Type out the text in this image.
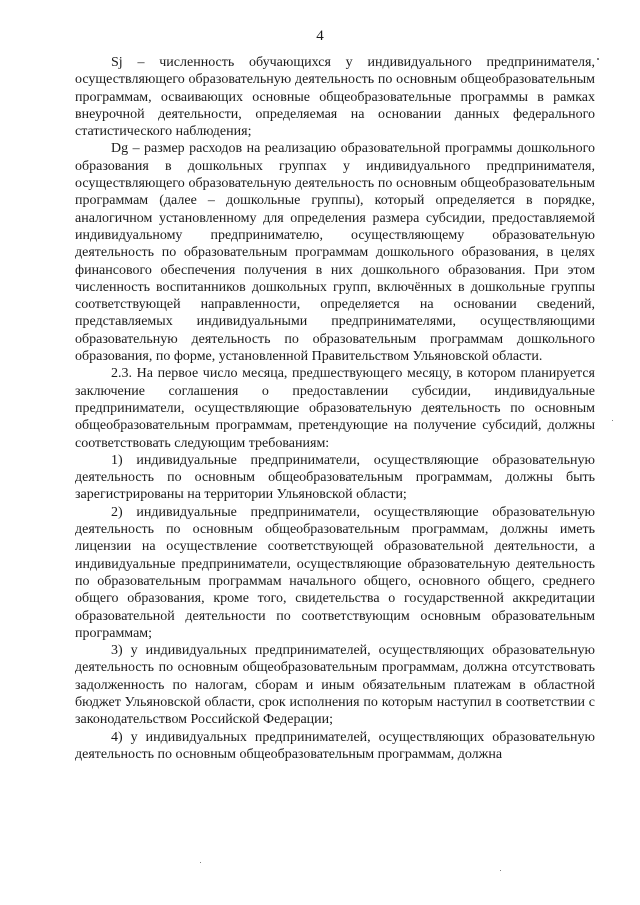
4

Sj – численность обучающихся у индивидуального предпринимателя, осуществляющего образовательную деятельность по основным общеобразовательным программам, осваивающих основные общеобразовательные программы в рамках внеурочной деятельности, определяемая на основании данных федерального статистического наблюдения;

Dg – размер расходов на реализацию образовательной программы дошкольного образования в дошкольных группах у индивидуального предпринимателя, осуществляющего образовательную деятельность по основным общеобразовательным программам (далее – дошкольные группы), который определяется в порядке, аналогичном установленному для определения размера субсидии, предоставляемой индивидуальному предпринимателю, осуществляющему образовательную деятельность по образовательным программам дошкольного образования, в целях финансового обеспечения получения в них дошкольного образования. При этом численность воспитанников дошкольных групп, включённых в дошкольные группы соответствующей направленности, определяется на основании сведений, представляемых индивидуальными предпринимателями, осуществляющими образовательную деятельность по образовательным программам дошкольного образования, по форме, установленной Правительством Ульяновской области.

2.3. На первое число месяца, предшествующего месяцу, в котором планируется заключение соглашения о предоставлении субсидии, индивидуальные предприниматели, осуществляющие образовательную деятельность по основным общеобразовательным программам, претендующие на получение субсидий, должны соответствовать следующим требованиям:

1) индивидуальные предприниматели, осуществляющие образовательную деятельность по основным общеобразовательным программам, должны быть зарегистрированы на территории Ульяновской области;

2) индивидуальные предприниматели, осуществляющие образовательную деятельность по основным общеобразовательным программам, должны иметь лицензии на осуществление соответствующей образовательной деятельности, а индивидуальные предприниматели, осуществляющие образовательную деятельность по образовательным программам начального общего, основного общего, среднего общего образования, кроме того, свидетельства о государственной аккредитации образовательной деятельности по соответствующим основным образовательным программам;

3) у индивидуальных предпринимателей, осуществляющих образовательную деятельность по основным общеобразовательным программам, должна отсутствовать задолженность по налогам, сборам и иным обязательным платежам в областной бюджет Ульяновской области, срок исполнения по которым наступил в соответствии с законодательством Российской Федерации;

4) у индивидуальных предпринимателей, осуществляющих образовательную деятельность по основным общеобразовательным программам, должна
